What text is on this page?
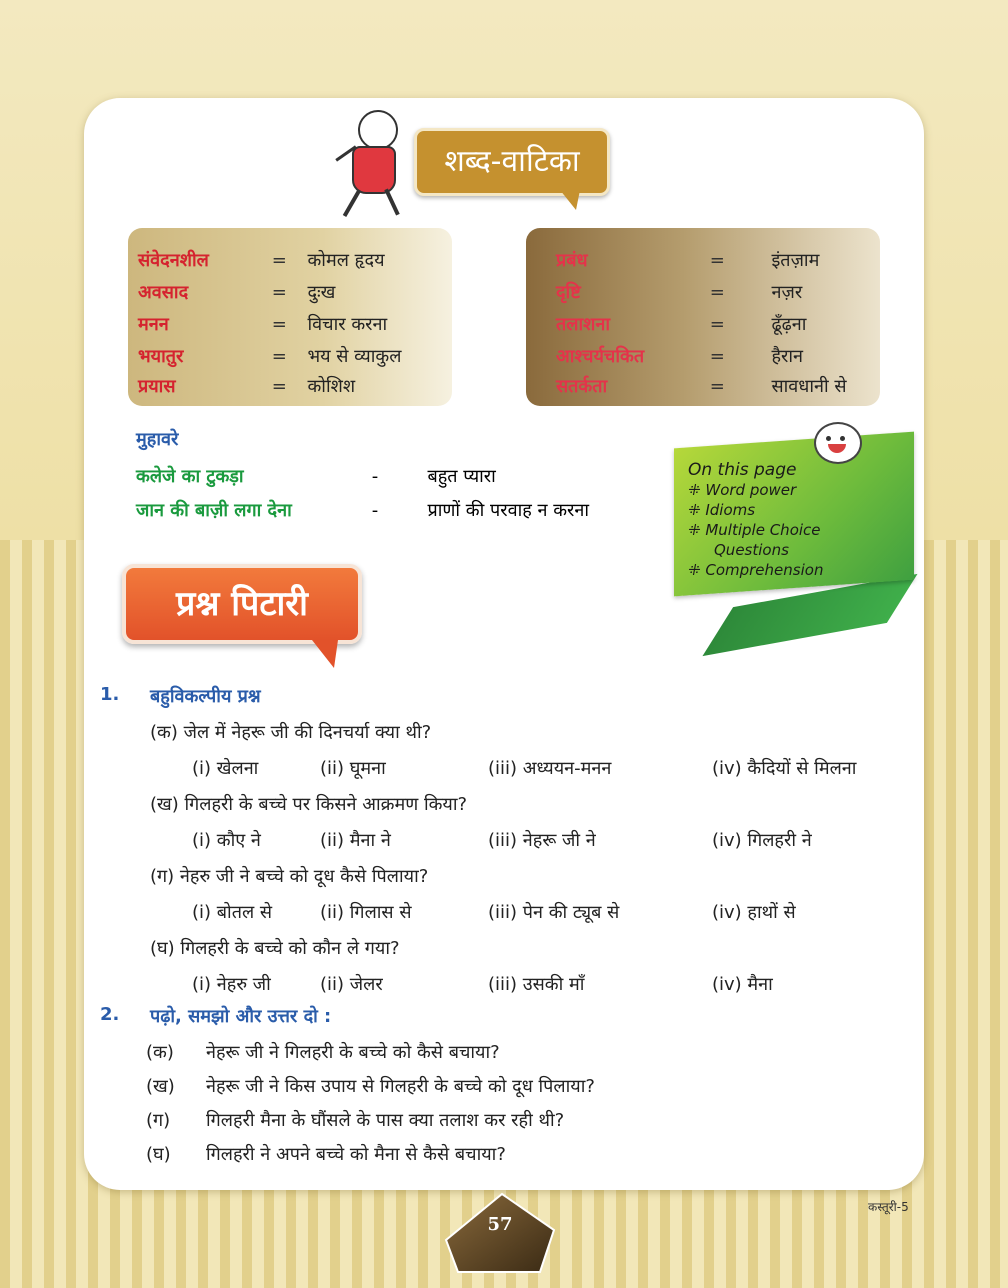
शब्द-वाटिका
संवेदनशील	= कोमल हृदय
अवसाद	= दुःख
मनन	= विचार करना
भयातुर	= भय से व्याकुल
प्रयास	= कोशिश
प्रबंध	=	इंतज़ाम
दृष्टि	=	नज़र
तलाशना	=	ढूँढ़ना
आश्चर्यचकित	=	हैरान
सतर्कता	=	सावधानी से
मुहावरे
कलेजे का टुकड़ा	-	बहुत प्यारा
जान की बाज़ी लगा देना	-	प्राणों की परवाह न करना
On this page
⁜ Word power
⁜ Idioms
⁜ Multiple Choice
Questions
⁜ Comprehension
प्रश्न पिटारी
1. बहुविकल्पीय प्रश्न
(क) जेल में नेहरू जी की दिनचर्या क्या थी?
(i) खेलना	(ii) घूमना	(iii) अध्ययन-मनन	(iv) कैदियों से मिलना
(ख) गिलहरी के बच्चे पर किसने आक्रमण किया?
(i) कौए ने	(ii) मैना ने	(iii) नेहरू जी ने	(iv) गिलहरी ने
(ग) नेहरु जी ने बच्चे को दूध कैसे पिलाया?
(i) बोतल से	(ii) गिलास से	(iii) पेन की ट्यूब से	(iv) हाथों से
(घ) गिलहरी के बच्चे को कौन ले गया?
(i) नेहरु जी	(ii) जेलर	(iii) उसकी माँ	(iv) मैना
2. पढ़ो, समझो और उत्तर दो :
(क) नेहरू जी ने गिलहरी के बच्चे को कैसे बचाया?
(ख) नेहरू जी ने किस उपाय से गिलहरी के बच्चे को दूध पिलाया?
(ग) गिलहरी मैना के घौंसले के पास क्या तलाश कर रही थी?
(घ) गिलहरी ने अपने बच्चे को मैना से कैसे बचाया?
57
कस्तूरी-5
